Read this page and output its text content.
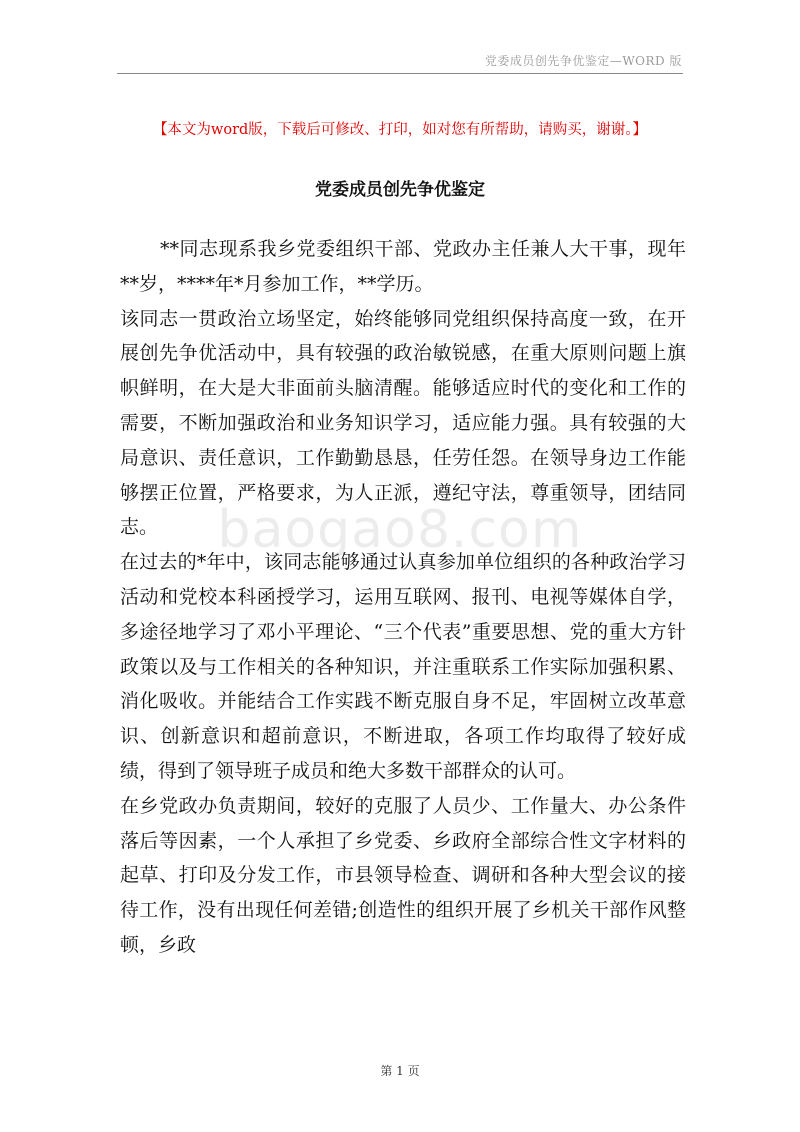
党委成员创先争优鉴定—WORD 版
【本文为word版，下载后可修改、打印，如对您有所帮助，请购买，谢谢。】
党委成员创先争优鉴定

**同志现系我乡党委组织干部、党政办主任兼人大干事，现年**岁，****年*月参加工作，**学历。

该同志一贯政治立场坚定，始终能够同党组织保持高度一致，在开展创先争优活动中，具有较强的政治敏锐感，在重大原则问题上旗帜鲜明，在大是大非面前头脑清醒。能够适应时代的变化和工作的需要，不断加强政治和业务知识学习，适应能力强。具有较强的大局意识、责任意识，工作勤勤恳恳，任劳任怨。在领导身边工作能够摆正位置，严格要求，为人正派，遵纪守法，尊重领导，团结同志。

在过去的*年中，该同志能够通过认真参加单位组织的各种政治学习活动和党校本科函授学习，运用互联网、报刊、电视等媒体自学，多途径地学习了邓小平理论、“三个代表”重要思想、党的重大方针政策以及与工作相关的各种知识，并注重联系工作实际加强积累、消化吸收。并能结合工作实践不断克服自身不足，牢固树立改革意识、创新意识和超前意识，不断进取，各项工作均取得了较好成绩，得到了领导班子成员和绝大多数干部群众的认可。

在乡党政办负责期间，较好的克服了人员少、工作量大、办公条件落后等因素，一个人承担了乡党委、乡政府全部综合性文字材料的起草、打印及分发工作，市县领导检查、调研和各种大型会议的接待工作，没有出现任何差错;创造性的组织开展了乡机关干部作风整顿，乡政

baogao8.com
第 1 页
